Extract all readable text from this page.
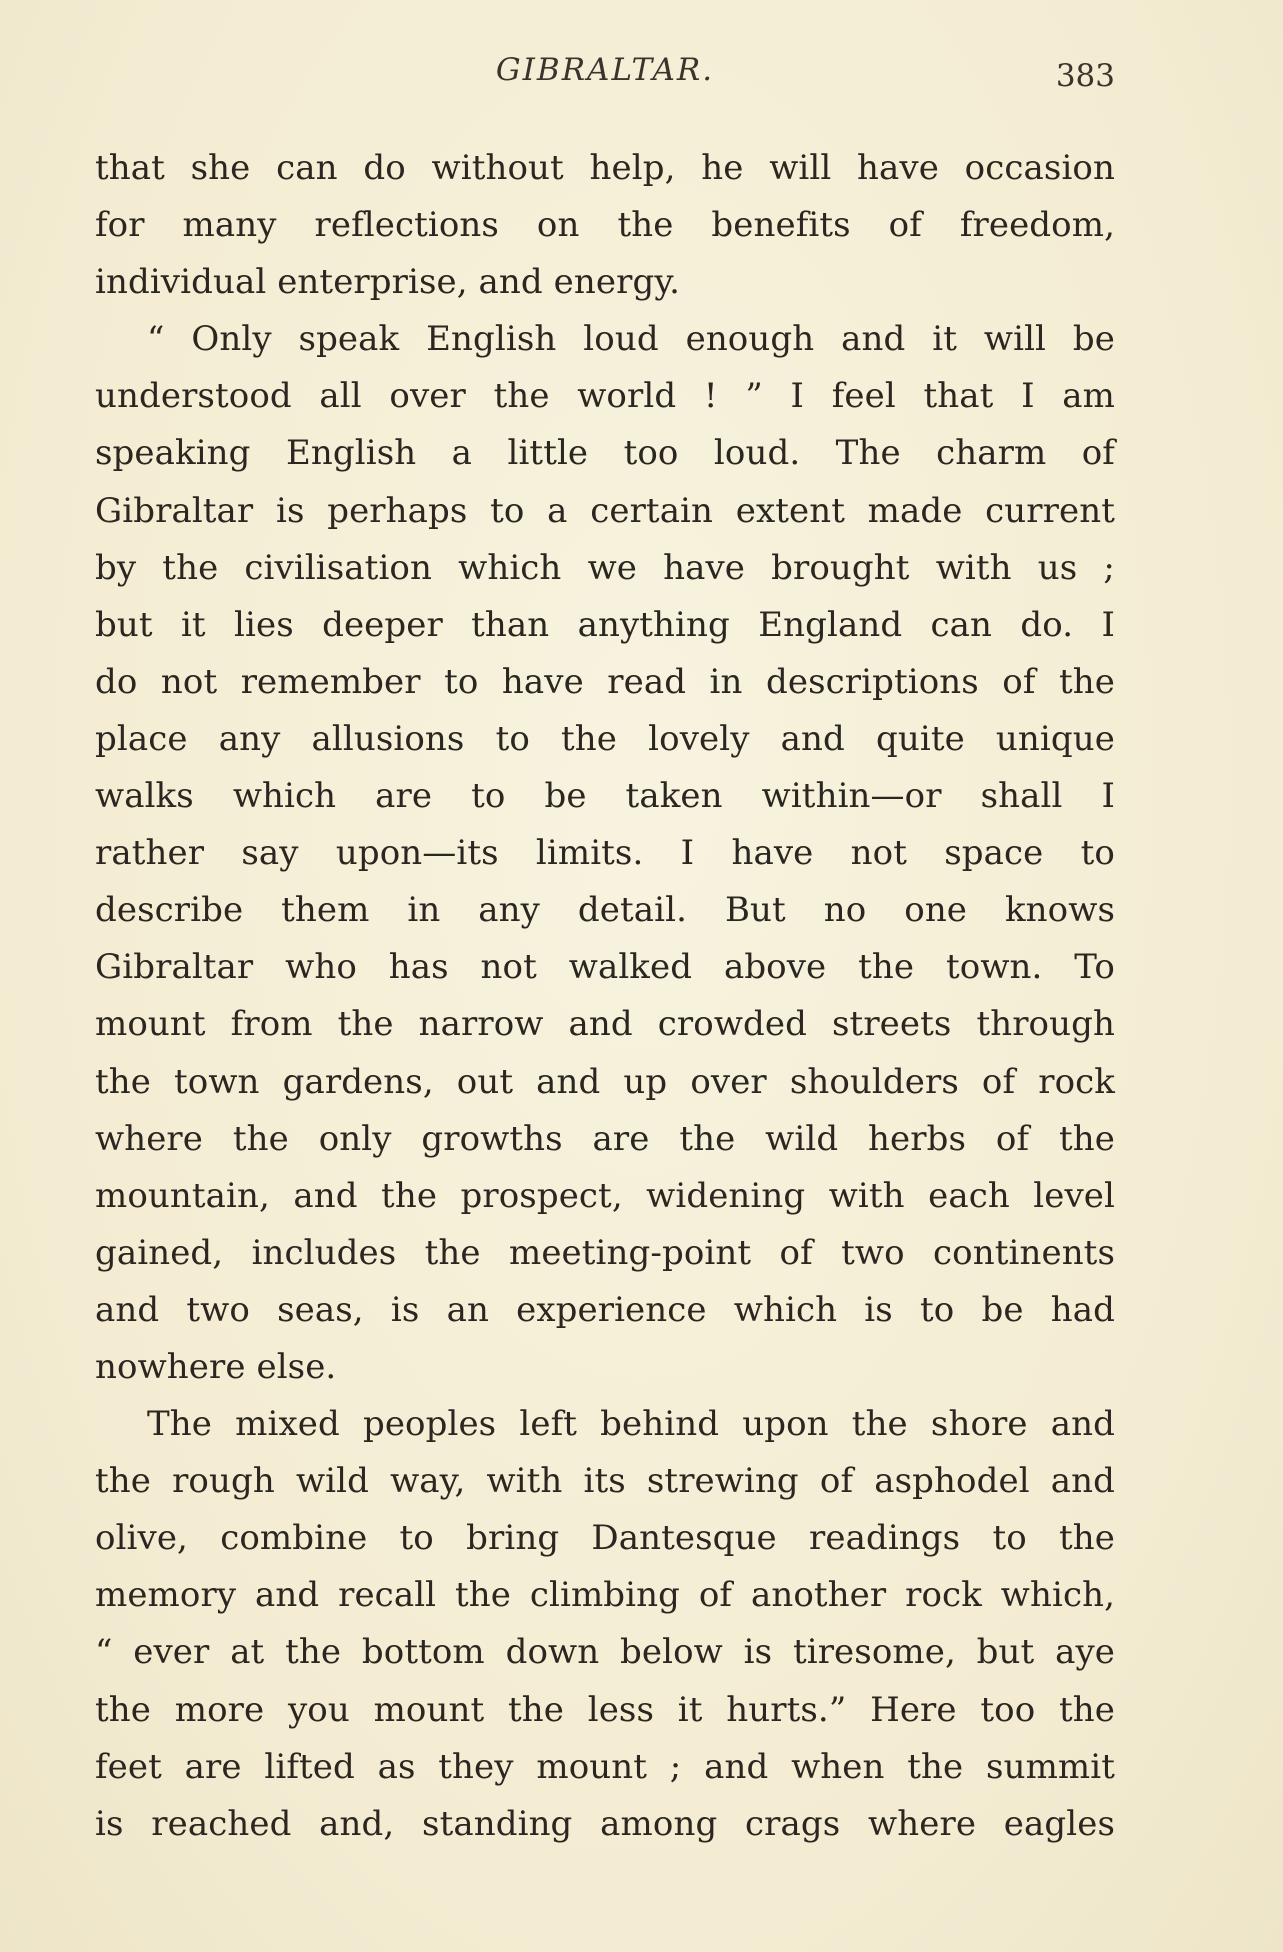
GIBRALTAR.	383
that she can do without help, he will have occasion
for many reflections on the benefits of freedom,
individual enterprise, and energy.
“ Only speak English loud enough and it will be
understood all over the world ! ” I feel that I am
speaking English a little too loud. The charm of
Gibraltar is perhaps to a certain extent made current
by the civilisation which we have brought with us ;
but it lies deeper than anything England can do. I
do not remember to have read in descriptions of the
place any allusions to the lovely and quite unique
walks which are to be taken within—or shall I
rather say upon—its limits. I have not space to
describe them in any detail. But no one knows
Gibraltar who has not walked above the town. To
mount from the narrow and crowded streets through
the town gardens, out and up over shoulders of rock
where the only growths are the wild herbs of the
mountain, and the prospect, widening with each level
gained, includes the meeting-point of two continents
and two seas, is an experience which is to be had
nowhere else.
The mixed peoples left behind upon the shore and
the rough wild way, with its strewing of asphodel and
olive, combine to bring Dantesque readings to the
memory and recall the climbing of another rock which,
“ ever at the bottom down below is tiresome, but aye
the more you mount the less it hurts.” Here too the
feet are lifted as they mount ; and when the summit
is reached and, standing among crags where eagles
